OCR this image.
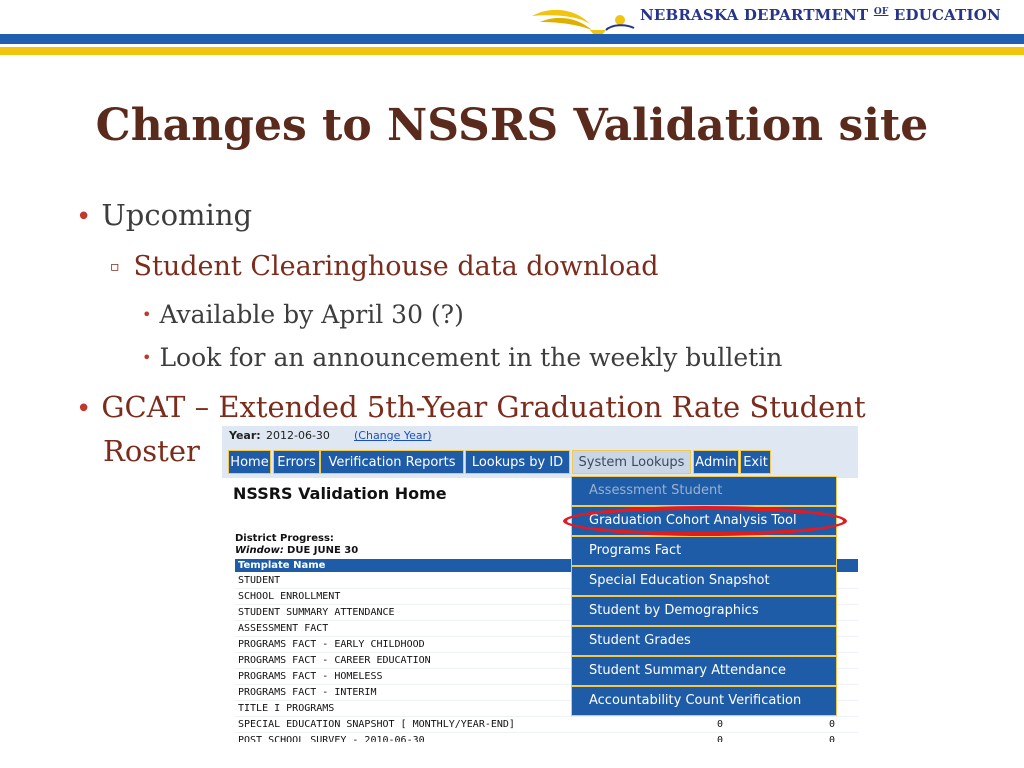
NEBRASKA DEPARTMENT $^{OF}$ EDUCATION
Changes to NSSRS Validation site
• Upcoming
▫ Student Clearinghouse data download
• Available by April 30 (?)
• Look for an announcement in the weekly bulletin
• GCAT – Extended 5th-Year Graduation Rate Student
Roster	Year: 2012-06-30 (Change Year)
Home Errors Verification Reports	Lookups by ID	System Lookups Admin Exit
NSSRS Validation Home
District Progress:
Window: DUE JUNE 30
Template Name
STUDENT
SCHOOL ENROLLMENT
STUDENT SUMMARY ATTENDANCE
ASSESSMENT FACT
PROGRAMS FACT - EARLY CHILDHOOD
PROGRAMS FACT - CAREER EDUCATION
PROGRAMS FACT - HOMELESS
PROGRAMS FACT - INTERIM
TITLE I PROGRAMS
SPECIAL EDUCATION SNAPSHOT [ MONTHLY/YEAR-END]	0	0
POST SCHOOL SURVEY - 2010-06-30	0	0
Assessment Student
Graduation Cohort Analysis Tool
Programs Fact
Special Education Snapshot
Student by Demographics
Student Grades
Student Summary Attendance
Accountability Count Verification
